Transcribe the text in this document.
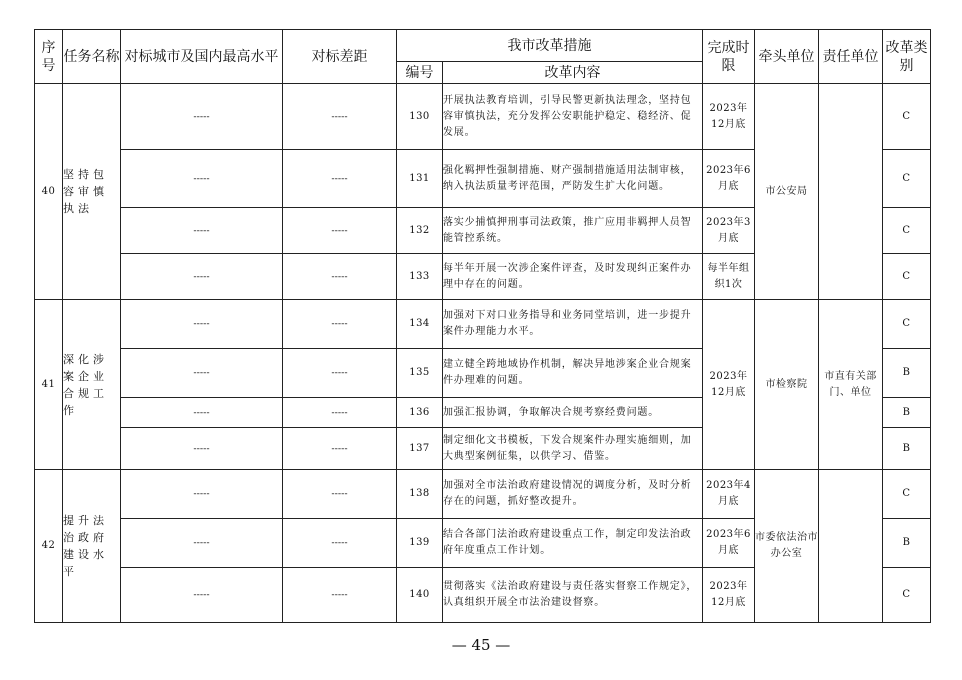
序号	任务名称	对标城市及国内最高水平	对标差距	我市改革措施		完成时限	牵头单位	责任单位	改革类别
				编号	改革内容				
40	坚持包容审慎执法	-----	-----	130	开展执法教育培训，引导民警更新执法理念，坚持包容审慎执法，充分发挥公安职能护稳定、稳经济、促发展。	2023年12月底	市公安局		C
		-----	-----	131	强化羁押性强制措施、财产强制措施适用法制审核，纳入执法质量考评范围，严防发生扩大化问题。	2023年6月底			C
		-----	-----	132	落实少捕慎押刑事司法政策，推广应用非羁押人员智能管控系统。	2023年3月底			C
		-----	-----	133	每半年开展一次涉企案件评查，及时发现纠正案件办理中存在的问题。	每半年组织1次			C
41	深化涉案企业合规工作	-----	-----	134	加强对下对口业务指导和业务同堂培训，进一步提升案件办理能力水平。	2023年12月底	市检察院	市直有关部门、单位	C
		-----	-----	135	建立健全跨地域协作机制，解决异地涉案企业合规案件办理难的问题。				B
		-----	-----	136	加强汇报协调，争取解决合规考察经费问题。				B
		-----	-----	137	制定细化文书模板，下发合规案件办理实施细则，加大典型案例征集，以供学习、借鉴。				B
42	提升法治政府建设水平	-----	-----	138	加强对全市法治政府建设情况的调度分析，及时分析存在的问题，抓好整改提升。	2023年4月底	市委依法治市办公室		C
		-----	-----	139	结合各部门法治政府建设重点工作，制定印发法治政府年度重点工作计划。	2023年6月底			B
		-----	-----	140	贯彻落实《法治政府建设与责任落实督察工作规定》，认真组织开展全市法治建设督察。	2023年12月底			C
— 45 —
